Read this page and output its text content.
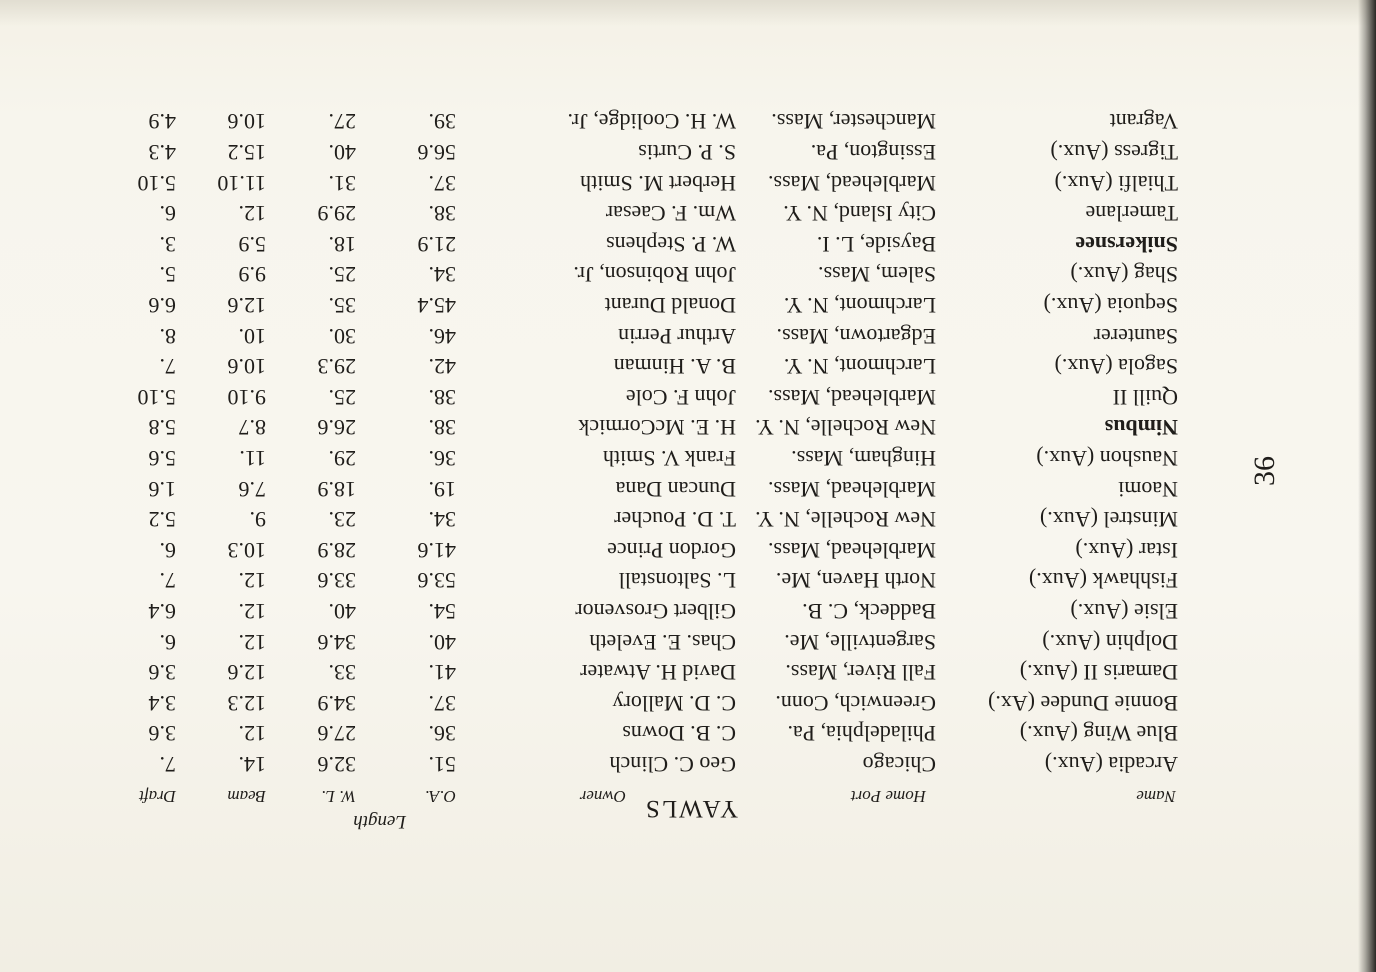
36
YAWLS
Length
Name
Home Port
Owner
O.A.
W. L.
Beam
Draft
Arcadia (Aux.)
Chicago
Geo C. Clinch
51.
32.6
14.
7.
Blue Wing (Aux.)
Philadelphia, Pa.
C. B. Downs
36.
27.6
12.
3.6
Bonnie Dundee (Ax.)
Greenwich, Conn.
C. D. Mallory
37.
34.9
12.3
3.4
Damaris II (Aux.)
Fall River, Mass.
David H. Atwater
41.
33.
12.6
3.6
Dolphin (Aux.)
Sargentville, Me.
Chas. E. Eveleth
40.
34.6
12.
6.
Elsie (Aux.)
Baddeck, C. B.
Gilbert Grosvenor
54.
40.
12.
6.4
Fishhawk (Aux.)
North Haven, Me.
L. Saltonstall
53.6
33.6
12.
7.
Istar (Aux.)
Marblehead, Mass.
Gordon Prince
41.6
28.9
10.3
6.
Minstrel (Aux.)
New Rochelle, N. Y.
T. D. Poucher
34.
23.
9.
5.2
Naomi
Marblehead, Mass.
Duncan Dana
19.
18.9
7.6
1.6
Naushon (Aux.)
Hingham, Mass.
Frank V. Smith
36.
29.
11.
5.6
Nimbus
New Rochelle, N. Y.
H. E. McCormick
38.
26.6
8.7
5.8
Quill II
Marblehead, Mass.
John F. Cole
38.
25.
9.10
5.10
Sagola (Aux.)
Larchmont, N. Y.
B. A. Hinman
42.
29.3
10.6
7.
Saunterer
Edgartown, Mass.
Arthur Perrin
46.
30.
10.
8.
Sequoia (Aux.)
Larchmont, N. Y.
Donald Durant
45.4
35.
12.6
6.6
Shag (Aux.)
Salem, Mass.
John Robinson, Jr.
34.
25.
9.9
5.
Snikersnee
Bayside, L. I.
W. P. Stephens
21.9
18.
5.9
3.
Tamerlane
City Island, N. Y.
Wm. F. Caesar
38.
29.9
12.
6.
Thialfi (Aux.)
Marblehead, Mass.
Herbert M. Smith
37.
31.
11.10
5.10
Tigress (Aux.)
Essington, Pa.
S. P. Curtis
56.6
40.
15.2
4.3
Vagrant
Manchester, Mass.
W. H. Coolidge, Jr.
39.
27.
10.6
4.9
